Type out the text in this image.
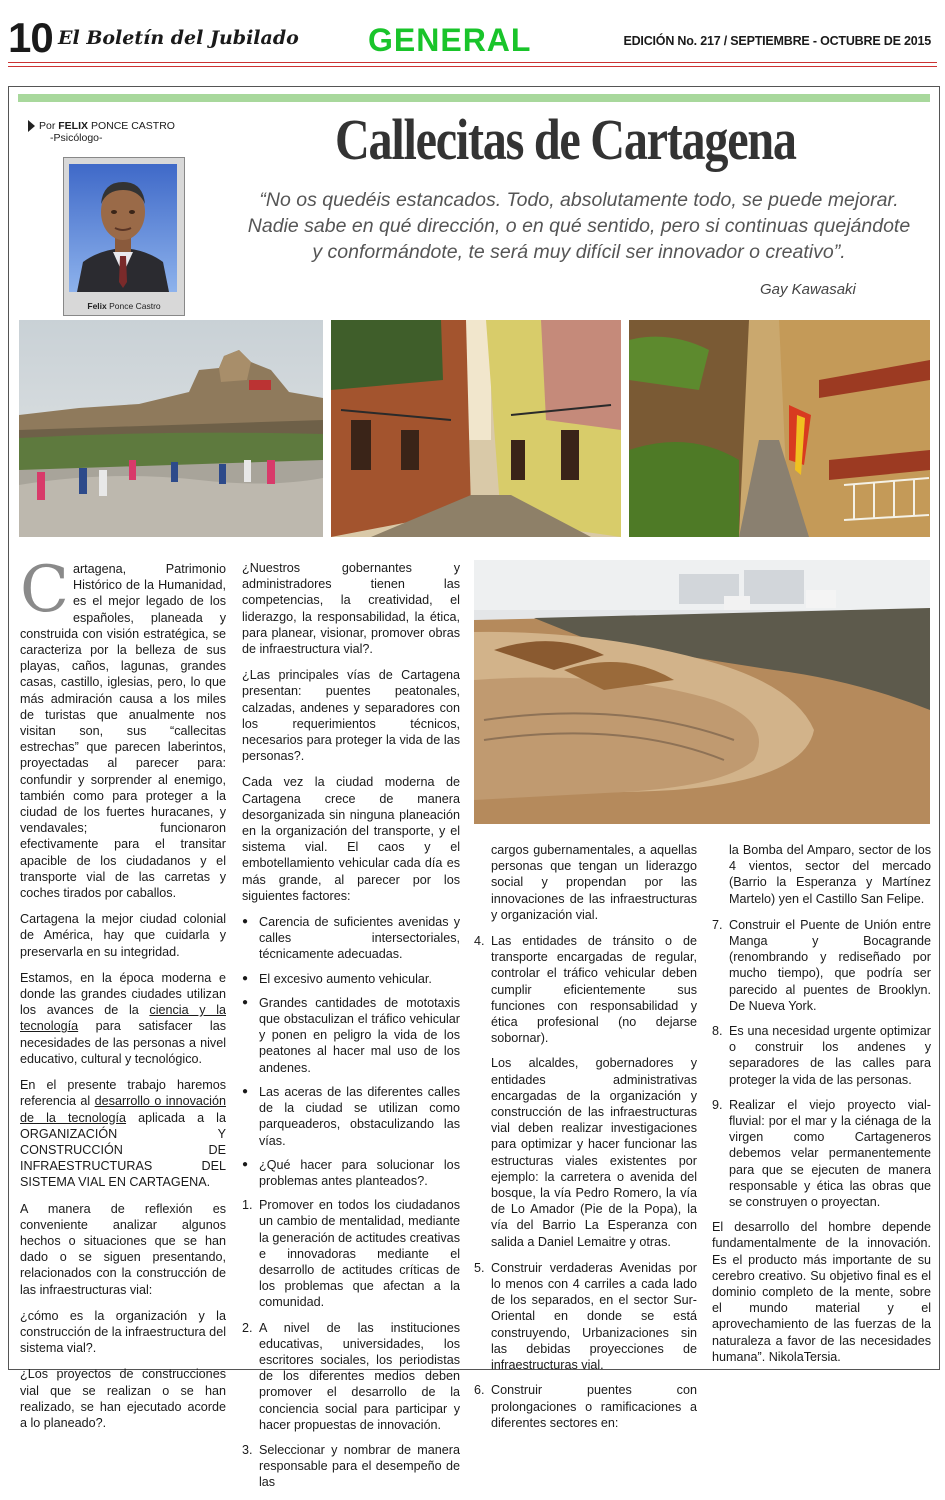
10 El Boletín del Jubilado GENERAL	EDICIÓN No. 217 / SEPTIEMBRE - OCTUBRE DE 2015
Por FELIX PONCE CASTRO
-Psicólogo-
Felix Ponce Castro
Callecitas de Cartagena
“No os quedéis estancados. Todo, absolutamente todo, se puede mejorar. Nadie sabe en qué dirección, o en qué sentido, pero si continuas quejándote y conformándote, te será muy difícil ser innovador o creativo”.
Gay Kawasaki

Cartagena, Patrimonio Histórico de la Humanidad, es el mejor legado de los españoles, planeada y construida con visión estratégica, se caracteriza por la belleza de sus playas, caños, lagunas, grandes casas, castillo, iglesias, pero, lo que más admiración causa a los miles de turistas que anualmente nos visitan son, sus “callecitas estrechas” que parecen laberintos, proyectadas al parecer para: confundir y sorprender al enemigo, también como para proteger a la ciudad de los fuertes huracanes, y vendavales; funcionaron efectivamente para el transitar apacible de los ciudadanos y el transporte vial de las carretas y coches tirados por caballos.

Cartagena la mejor ciudad colonial de América, hay que cuidarla y preservarla en su integridad.

Estamos, en la época moderna e donde las grandes ciudades utilizan los avances de la ciencia y la tecnología para satisfacer las necesidades de las personas a nivel educativo, cultural y tecnológico.

En el presente trabajo haremos referencia al desarrollo o innovación de la tecnología aplicada a la ORGANIZACIÓN Y CONSTRUCCIÓN DE INFRAESTRUCTURAS DEL SISTEMA VIAL EN CARTAGENA.

A manera de reflexión es conveniente analizar algunos hechos o situaciones que se han dado o se siguen presentando, relacionados con la construcción de las infraestructuras vial:

¿cómo es la organización y la construcción de la infraestructura del sistema vial?.

¿Los proyectos de construcciones vial que se realizan o se han realizado, se han ejecutado acorde a lo planeado?.

¿Nuestros gobernantes y administradores tienen las competencias, la creatividad, el liderazgo, la responsabilidad, la ética, para planear, visionar, promover obras de infraestructura vial?.

¿Las principales vías de Cartagena presentan: puentes peatonales, calzadas, andenes y separadores con los requerimientos técnicos, necesarios para proteger la vida de las personas?.

Cada vez la ciudad moderna de Cartagena crece de manera desorganizada sin ninguna planeación en la organización del transporte, y el sistema vial. El caos y el embotellamiento vehicular cada día es más grande, al parecer por los siguientes factores:

● Carencia de suficientes avenidas y calles intersectoriales, técnicamente adecuadas.
● El excesivo aumento vehicular.
● Grandes cantidades de mototaxis que obstaculizan el tráfico vehicular y ponen en peligro la vida de los peatones al hacer mal uso de los andenes.
● Las aceras de las diferentes calles de la ciudad se utilizan como parqueaderos, obstaculizando las vías.
● ¿Qué hacer para solucionar los problemas antes planteados?.
1. Promover en todos los ciudadanos un cambio de mentalidad, mediante la generación de actitudes creativas e innovadoras mediante el desarrollo de actitudes críticas de los problemas que afectan a la comunidad.
2. A nivel de las instituciones educativas, universidades, los escritores sociales, los periodistas de los diferentes medios deben promover el desarrollo de la conciencia social para participar y hacer propuestas de innovación.
3. Seleccionar y nombrar de manera responsable para el desempeño de las

cargos gubernamentales, a aquellas personas que tengan un liderazgo social y propendan por las innovaciones de las infraestructuras y organización vial.

4. Las entidades de tránsito o de transporte encargadas de regular, controlar el tráfico vehicular deben cumplir eficientemente sus funciones con responsabilidad y ética profesional (no dejarse sobornar).

Los alcaldes, gobernadores y entidades administrativas encargadas de la organización y construcción de las infraestructuras vial deben realizar investigaciones para optimizar y hacer funcionar las estructuras viales existentes por ejemplo: la carretera o avenida del bosque, la vía Pedro Romero, la vía de Lo Amador (Pie de la Popa), la vía del Barrio La Esperanza con salida a Daniel Lemaitre y otras.

5. Construir verdaderas Avenidas por lo menos con 4 carriles a cada lado de los separados, en el sector Sur-Oriental en donde se está construyendo, Urbanizaciones sin las debidas proyecciones de infraestructuras vial.
6. Construir puentes con prolongaciones o ramificaciones a diferentes sectores en:

la Bomba del Amparo, sector de los 4 vientos, sector del mercado (Barrio la Esperanza y Martínez Martelo) yen el Castillo San Felipe.

7. Construir el Puente de Unión entre Manga y Bocagrande (renombrando y rediseñado por mucho tiempo), que podría ser parecido al puentes de Brooklyn. De Nueva York.
8. Es una necesidad urgente optimizar o construir los andenes y separadores de las calles para proteger la vida de las personas.
9. Realizar el viejo proyecto vial-fluvial: por el mar y la ciénaga de la virgen como Cartageneros debemos velar permanentemente para que se ejecuten de manera responsable y ética las obras que se construyen o proyectan.

El desarrollo del hombre depende fundamentalmente de la innovación. Es el producto más importante de su cerebro creativo. Su objetivo final es el dominio completo de la mente, sobre el mundo material y el aprovechamiento de las fuerzas de la naturaleza a favor de las necesidades humana”. NikolaTersia.
